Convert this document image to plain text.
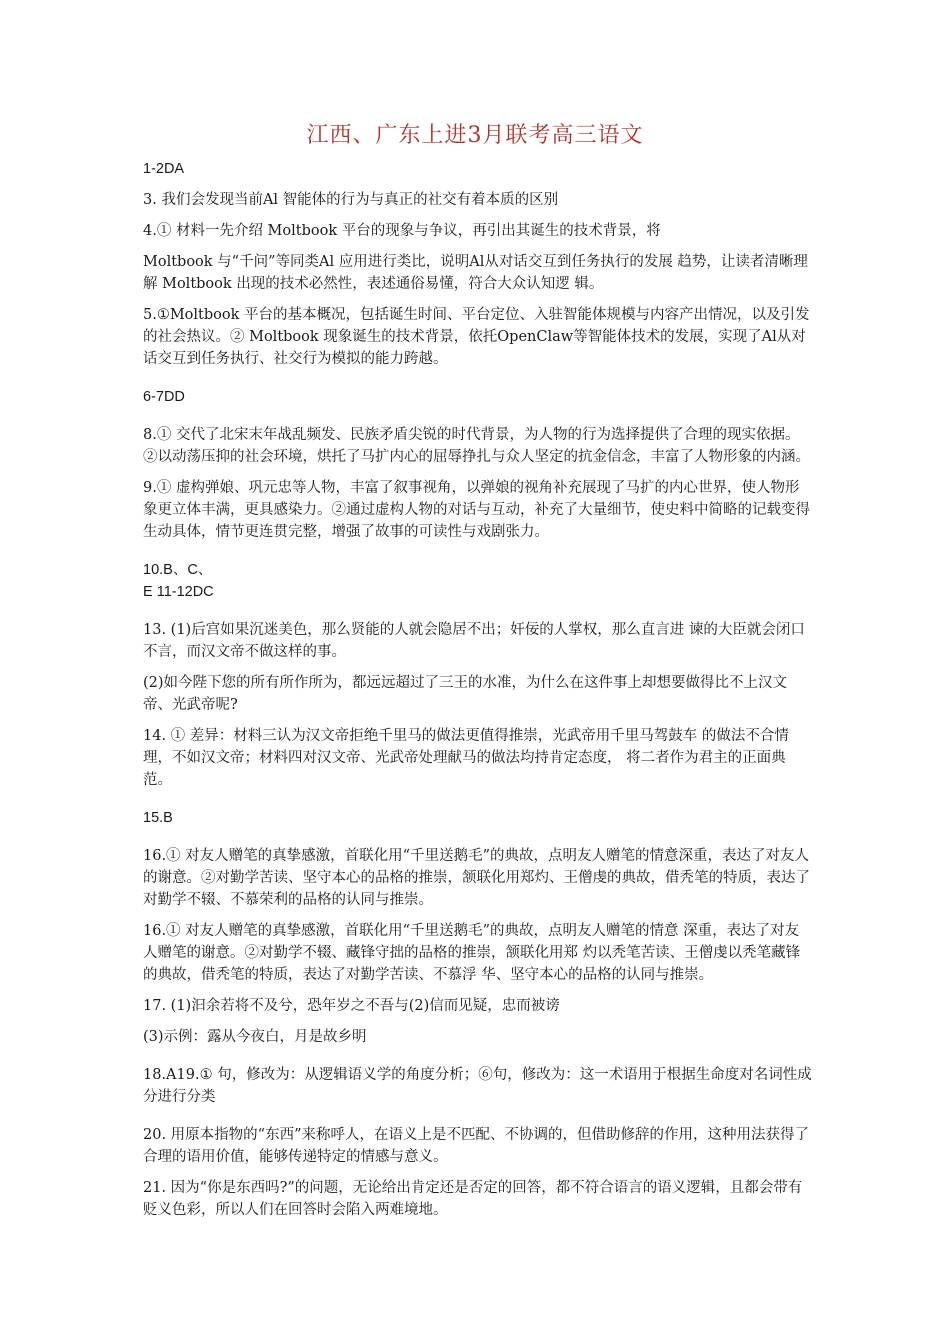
江西、广东上进3月联考高三语文

1-2DA

3. 我们会发现当前Al 智能体的行为与真正的社交有着本质的区别

4.① 材料一先介绍 Moltbook 平台的现象与争议，再引出其诞生的技术背景，将

Moltbook 与“千问”等同类Al 应用进行类比，说明Al从对话交互到任务执行的发展 趋势，让读者清晰理解 Moltbook 出现的技术必然性，表述通俗易懂，符合大众认知逻 辑。

5.①Moltbook 平台的基本概况，包括诞生时间、平台定位、入驻智能体规模与内容产出情况，以及引发的社会热议。② Moltbook 现象诞生的技术背景，依托OpenClaw等智能体技术的发展，实现了Al从对话交互到任务执行、社交行为模拟的能力跨越。

6-7DD

8.① 交代了北宋末年战乱频发、民族矛盾尖锐的时代背景，为人物的行为选择提供了合理的现实依据。②以动荡压抑的社会环境，烘托了马扩内心的屈辱挣扎与众人坚定的抗金信念，丰富了人物形象的内涵。

9.① 虚构弹娘、巩元忠等人物，丰富了叙事视角，以弹娘的视角补充展现了马扩的内心世界，使人物形象更立体丰满，更具感染力。②通过虚构人物的对话与互动，补充了大量细节，使史料中简略的记载变得生动具体，情节更连贯完整，增强了故事的可读性与戏剧张力。

10.B、C、
E 11-12DC

13. (1)后宫如果沉迷美色，那么贤能的人就会隐居不出；奸佞的人掌权，那么直言进 谏的大臣就会闭口不言，而汉文帝不做这样的事。

(2)如今陛下您的所有所作所为，都远远超过了三王的水准，为什么在这件事上却想要做得比不上汉文帝、光武帝呢?

14. ① 差异：材料三认为汉文帝拒绝千里马的做法更值得推崇，光武帝用千里马驾鼓车 的做法不合情理，不如汉文帝；材料四对汉文帝、光武帝处理献马的做法均持肯定态度， 将二者作为君主的正面典范。

15.B

16.① 对友人赠笔的真挚感激，首联化用“千里送鹅毛”的典故，点明友人赠笔的情意深重，表达了对友人的谢意。②对勤学苦读、坚守本心的品格的推崇，颔联化用郑灼、王僧虔的典故，借秃笔的特质，表达了对勤学不辍、不慕荣利的品格的认同与推崇。

16.① 对友人赠笔的真挚感激，首联化用“千里送鹅毛”的典故，点明友人赠笔的情意 深重，表达了对友人赠笔的谢意。②对勤学不辍、藏锋守拙的品格的推崇，颔联化用郑 灼以秃笔苦读、王僧虔以秃笔藏锋的典故，借秃笔的特质，表达了对勤学苦读、不慕浮 华、坚守本心的品格的认同与推崇。

17. (1)汩余若将不及兮，恐年岁之不吾与(2)信而见疑，忠而被谤

(3)示例：露从今夜白，月是故乡明

18.A19.① 句，修改为：从逻辑语义学的角度分析；⑥句，修改为：这一术语用于根据生命度对名词性成分进行分类

20. 用原本指物的“东西”来称呼人，在语义上是不匹配、不协调的，但借助修辞的作用，这种用法获得了合理的语用价值，能够传递特定的情感与意义。

21. 因为“你是东西吗?”的问题，无论给出肯定还是否定的回答，都不符合语言的语义逻辑，且都会带有贬义色彩，所以人们在回答时会陷入两难境地。
